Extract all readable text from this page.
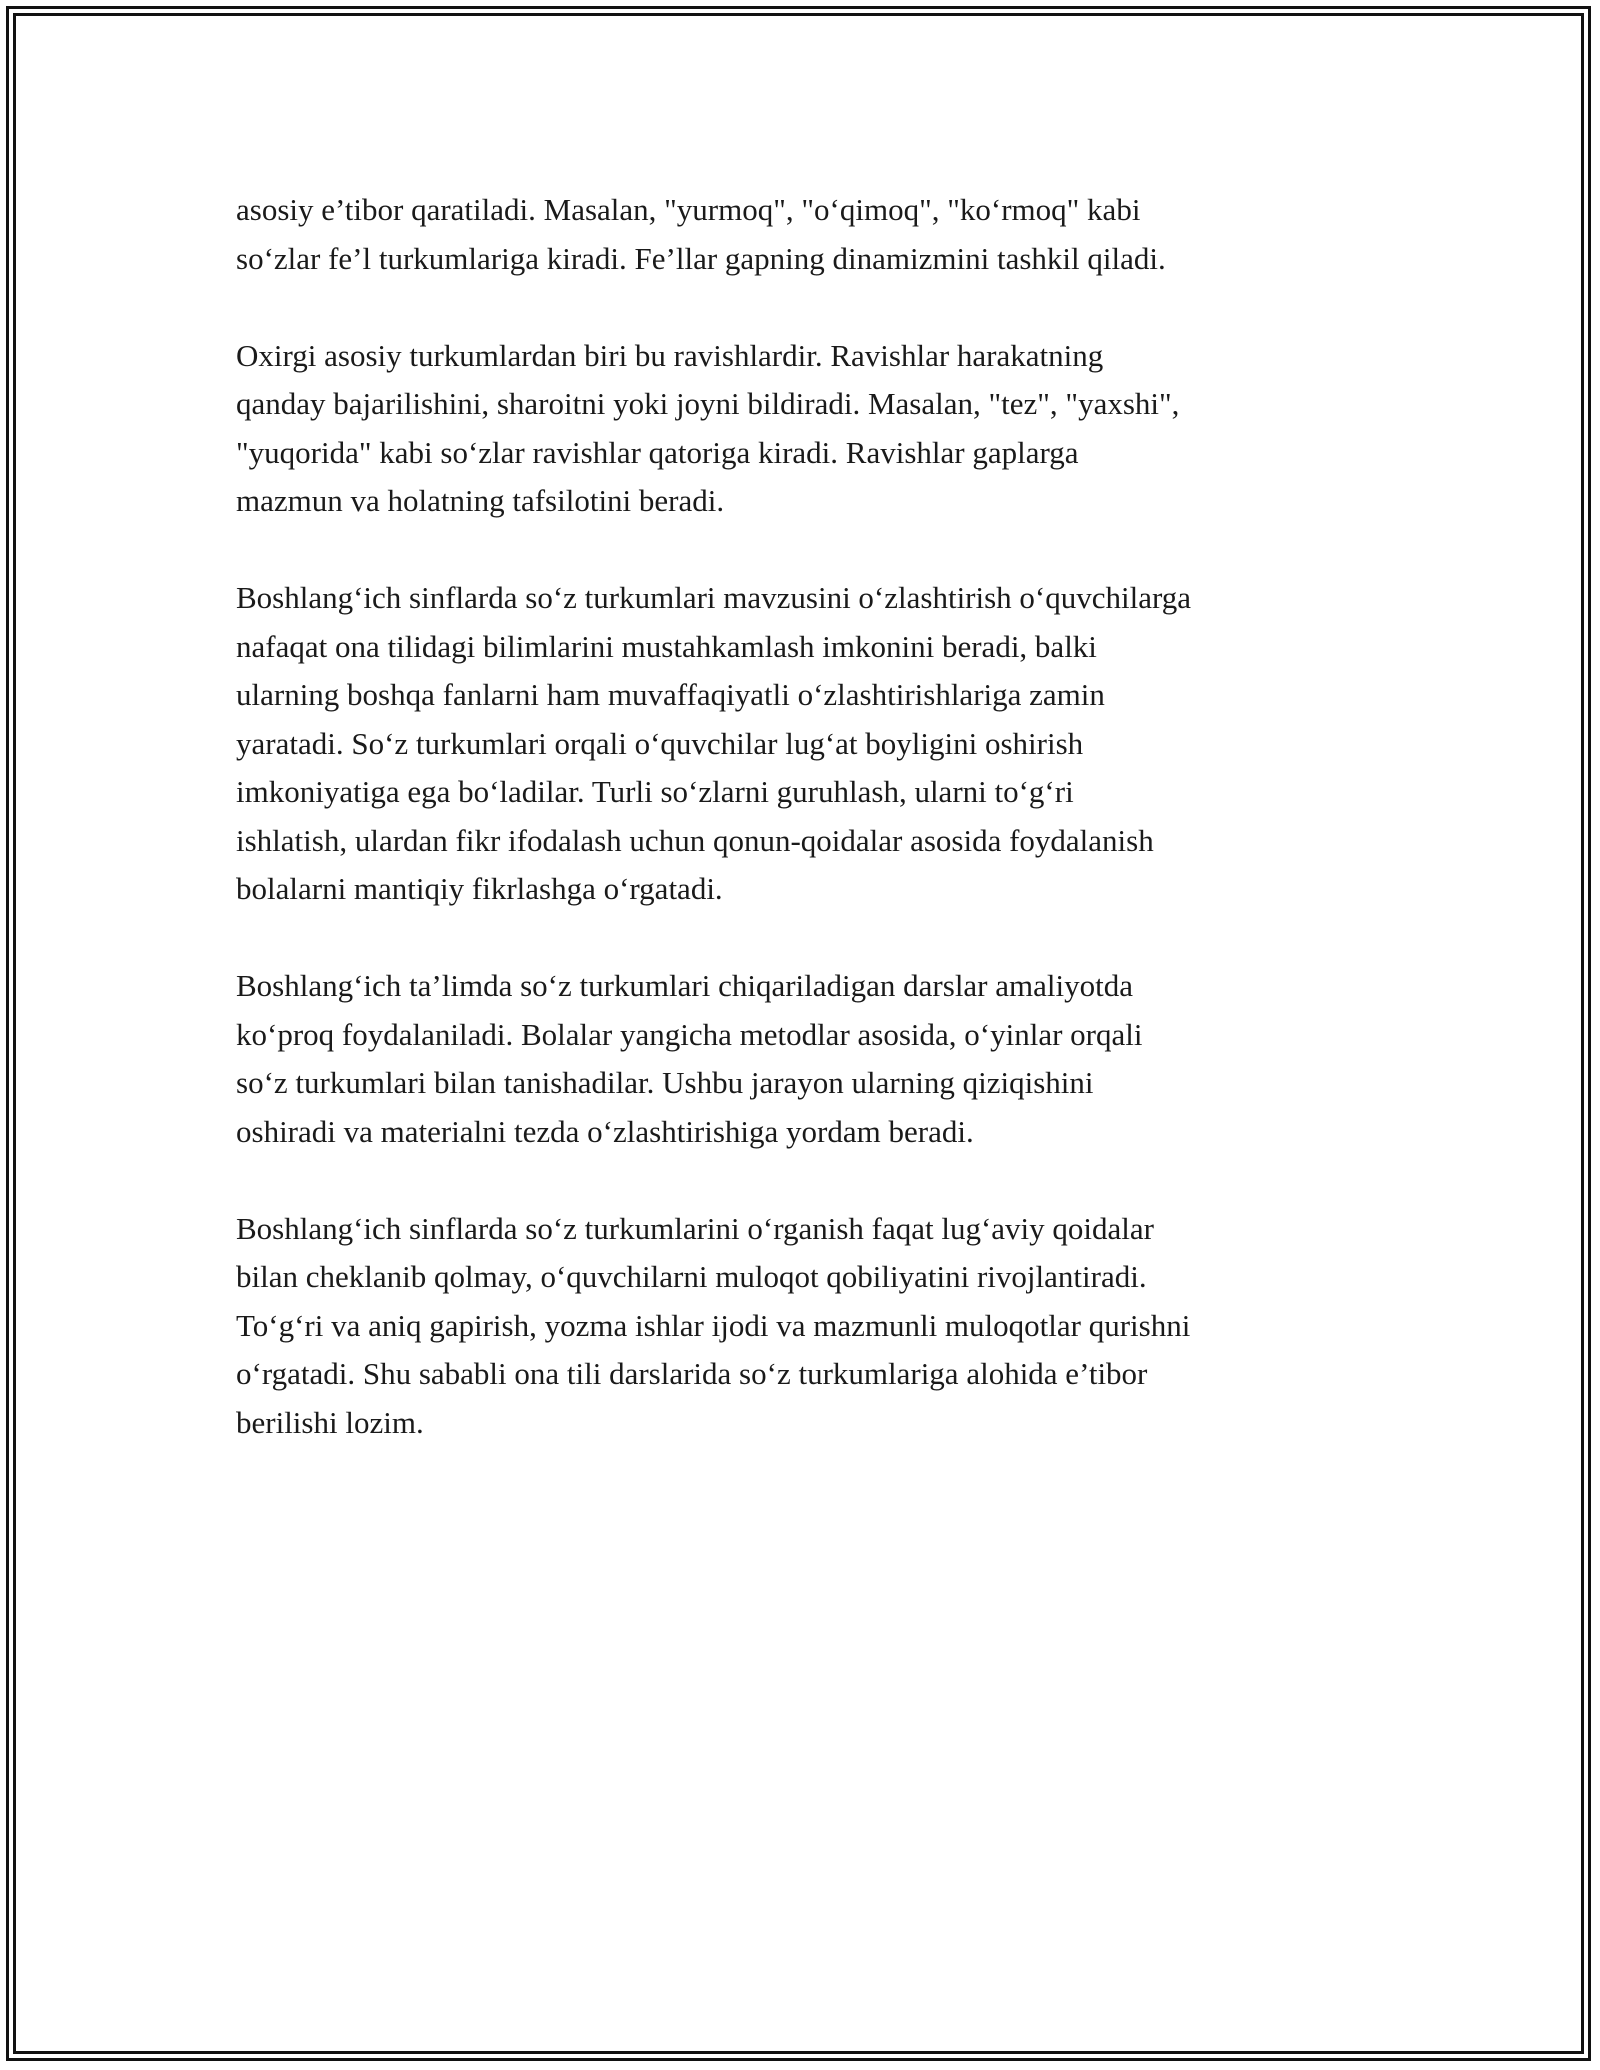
asosiy e’tibor qaratiladi. Masalan, "yurmoq", "o‘qimoq", "ko‘rmoq" kabi
so‘zlar fe’l turkumlariga kiradi. Fe’llar gapning dinamizmini tashkil qiladi.

Oxirgi asosiy turkumlardan biri bu ravishlardir. Ravishlar harakatning
qanday bajarilishini, sharoitni yoki joyni bildiradi. Masalan, "tez", "yaxshi",
"yuqorida" kabi so‘zlar ravishlar qatoriga kiradi. Ravishlar gaplarga
mazmun va holatning tafsilotini beradi.

Boshlang‘ich sinflarda so‘z turkumlari mavzusini o‘zlashtirish o‘quvchilarga
nafaqat ona tilidagi bilimlarini mustahkamlash imkonini beradi, balki
ularning boshqa fanlarni ham muvaffaqiyatli o‘zlashtirishlariga zamin
yaratadi. So‘z turkumlari orqali o‘quvchilar lug‘at boyligini oshirish
imkoniyatiga ega bo‘ladilar. Turli so‘zlarni guruhlash, ularni to‘g‘ri
ishlatish, ulardan fikr ifodalash uchun qonun-qoidalar asosida foydalanish
bolalarni mantiqiy fikrlashga o‘rgatadi.

Boshlang‘ich ta’limda so‘z turkumlari chiqariladigan darslar amaliyotda
ko‘proq foydalaniladi. Bolalar yangicha metodlar asosida, o‘yinlar orqali
so‘z turkumlari bilan tanishadilar. Ushbu jarayon ularning qiziqishini
oshiradi va materialni tezda o‘zlashtirishiga yordam beradi.

Boshlang‘ich sinflarda so‘z turkumlarini o‘rganish faqat lug‘aviy qoidalar
bilan cheklanib qolmay, o‘quvchilarni muloqot qobiliyatini rivojlantiradi.
To‘g‘ri va aniq gapirish, yozma ishlar ijodi va mazmunli muloqotlar qurishni
o‘rgatadi. Shu sababli ona tili darslarida so‘z turkumlariga alohida e’tibor
berilishi lozim.
